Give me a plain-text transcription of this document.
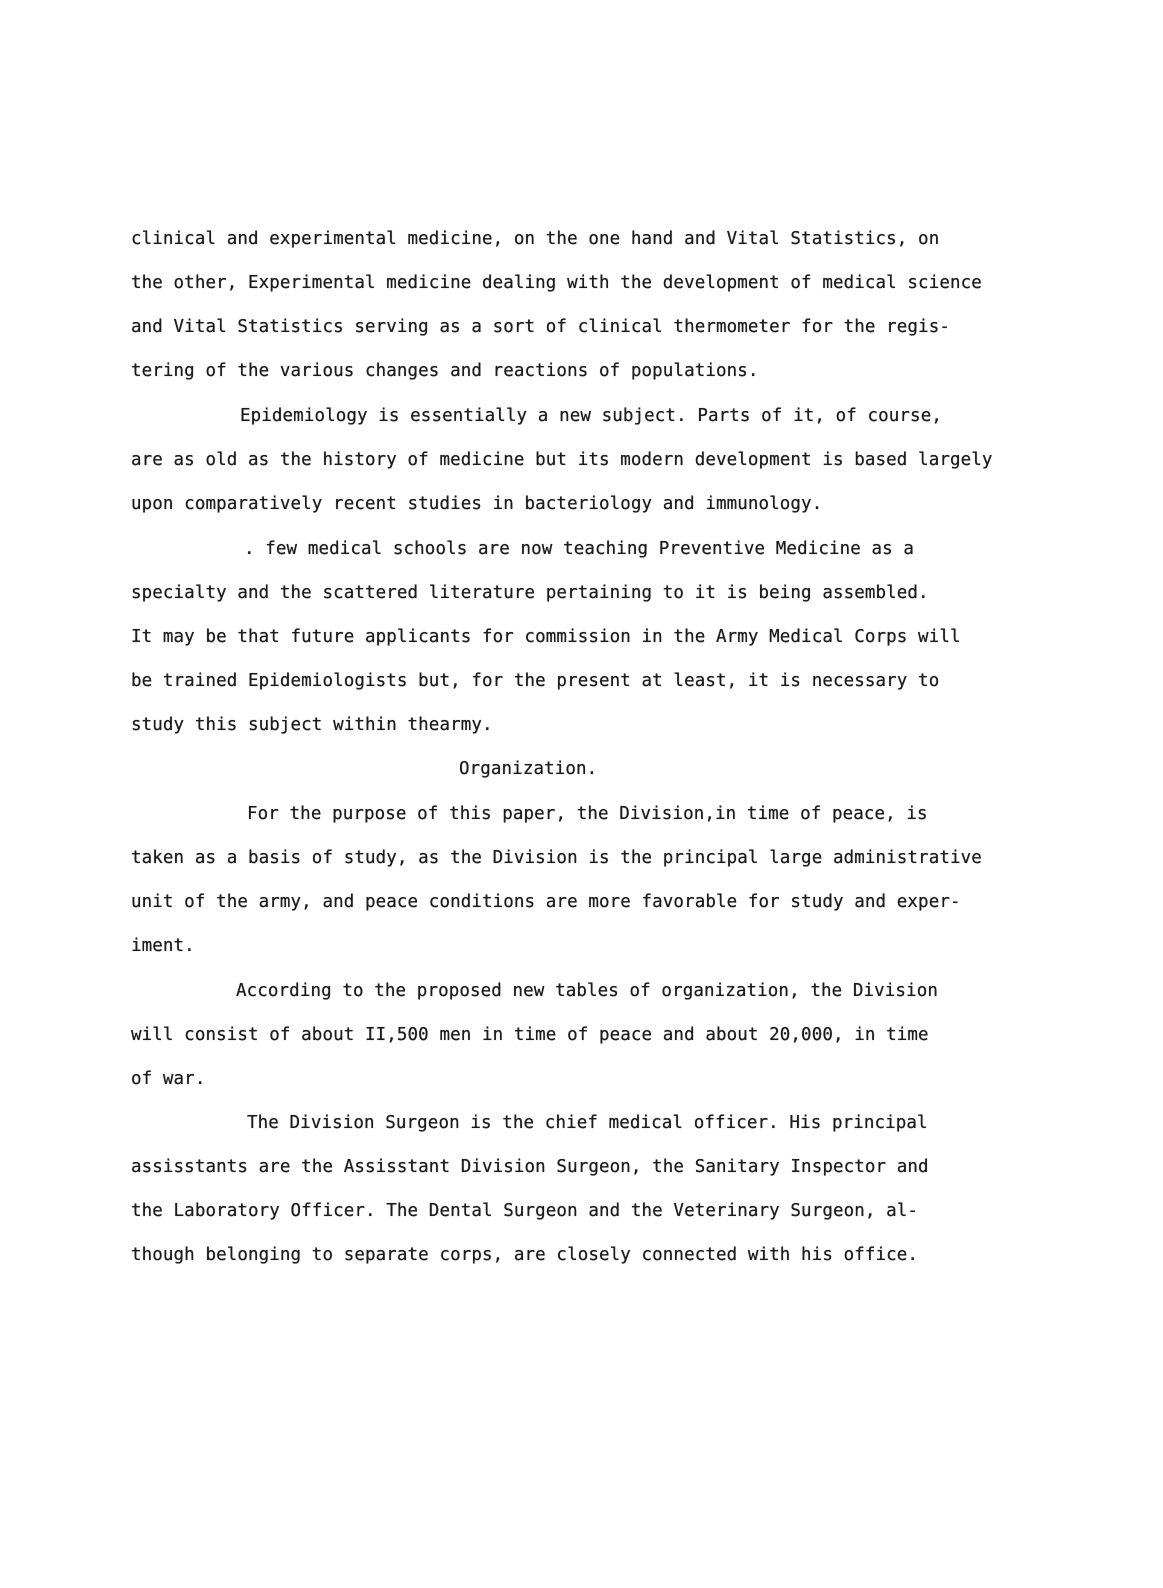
clinical and experimental medicine, on the one hand and Vital Statistics, on

the other, Experimental medicine dealing with the development of medical science

and Vital Statistics serving as a sort of clinical thermometer for the regis-

tering of the various changes and reactions of populations.

Epidemiology is essentially a new subject. Parts of it, of course,

are as old as the history of medicine but its modern development is based largely

upon comparatively recent studies in bacteriology and immunology.

. few medical schools are now teaching Preventive Medicine as a

specialty and the scattered literature pertaining to it is being assembled.

It may be that future applicants for commission in the Army Medical Corps will

be trained Epidemiologists but, for the present at least, it is necessary to

study this subject within thearmy.

Organization.

For the purpose of this paper, the Division,in time of peace, is

taken as a basis of study, as the Division is the principal large administrative

unit of the army, and peace conditions are more favorable for study and exper-

iment.

According to the proposed new tables of organization, the Division

will consist of about II,500 men in time of peace and about 20,000, in time

of war.

The Division Surgeon is the chief medical officer. His principal

assisstants are the Assisstant Division Surgeon, the Sanitary Inspector and

the Laboratory Officer. The Dental Surgeon and the Veterinary Surgeon, al-

though belonging to separate corps, are closely connected with his office.
